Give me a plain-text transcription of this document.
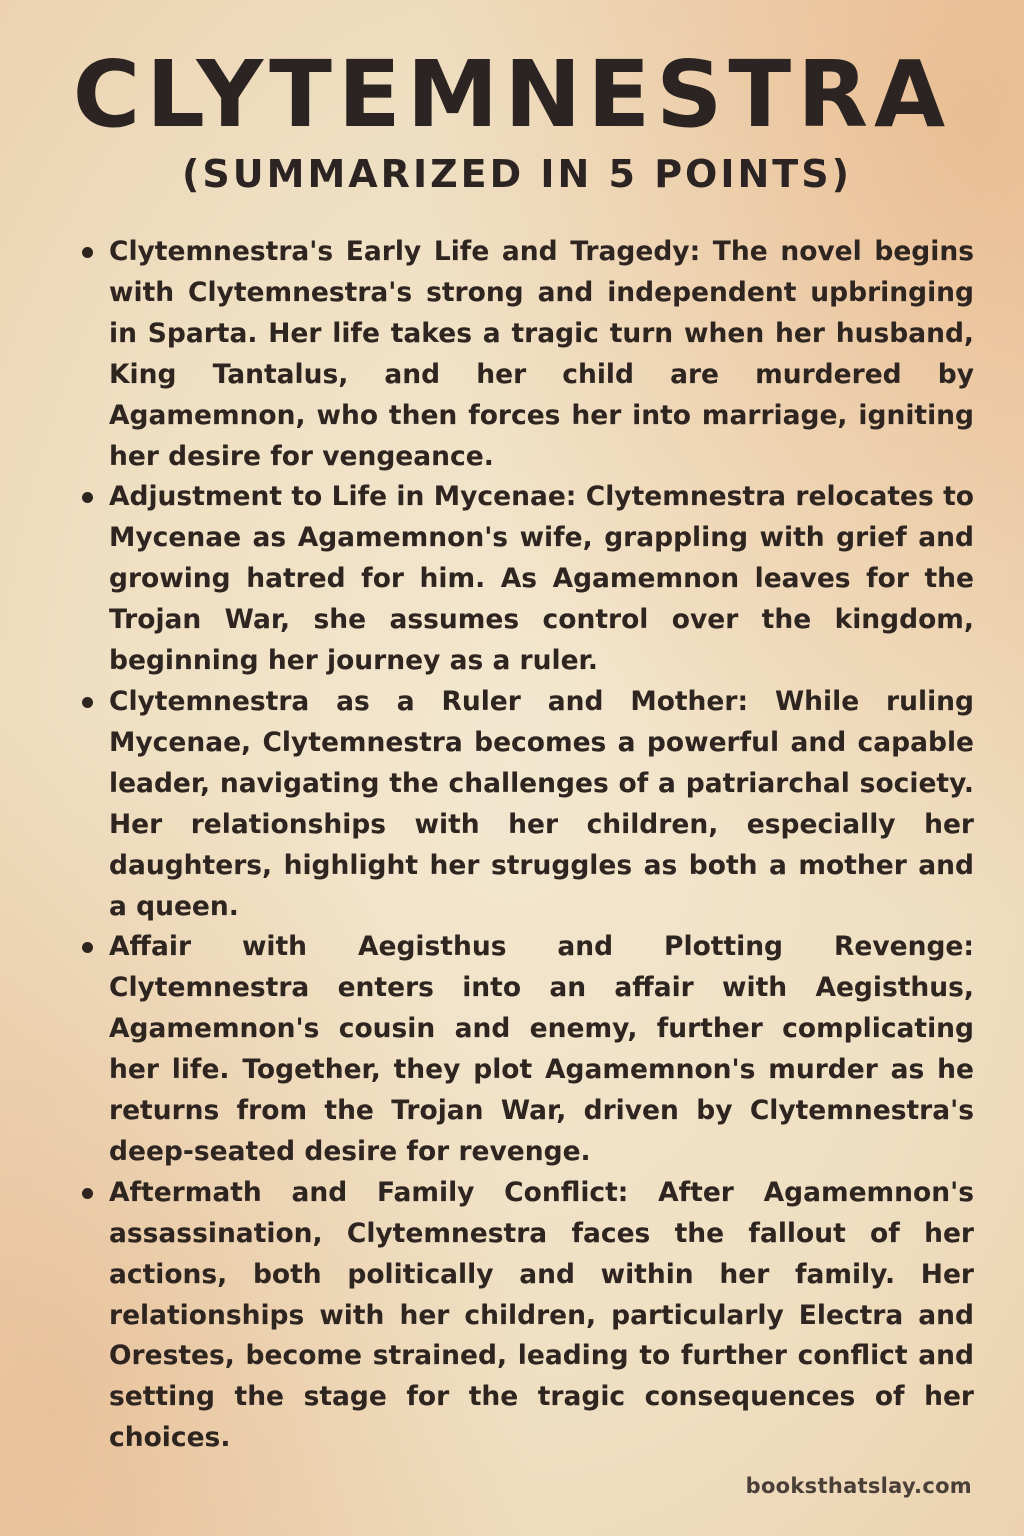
CLYTEMNESTRA
(SUMMARIZED IN 5 POINTS)
Clytemnestra's Early Life and Tragedy: The novel begins with Clytemnestra's strong and independent upbringing in Sparta. Her life takes a tragic turn when her husband, King Tantalus, and her child are murdered by Agamemnon, who then forces her into marriage, igniting her desire for vengeance.
Adjustment to Life in Mycenae: Clytemnestra relocates to Mycenae as Agamemnon's wife, grappling with grief and growing hatred for him. As Agamemnon leaves for the Trojan War, she assumes control over the kingdom, beginning her journey as a ruler.
Clytemnestra as a Ruler and Mother: While ruling Mycenae, Clytemnestra becomes a powerful and capable leader, navigating the challenges of a patriarchal society. Her relationships with her children, especially her daughters, highlight her struggles as both a mother and a queen.
Affair with Aegisthus and Plotting Revenge: Clytemnestra enters into an affair with Aegisthus, Agamemnon's cousin and enemy, further complicating her life. Together, they plot Agamemnon's murder as he returns from the Trojan War, driven by Clytemnestra's deep-seated desire for revenge.
Aftermath and Family Conflict: After Agamemnon's assassination, Clytemnestra faces the fallout of her actions, both politically and within her family. Her relationships with her children, particularly Electra and Orestes, become strained, leading to further conflict and setting the stage for the tragic consequences of her choices.
booksthatslay.com
